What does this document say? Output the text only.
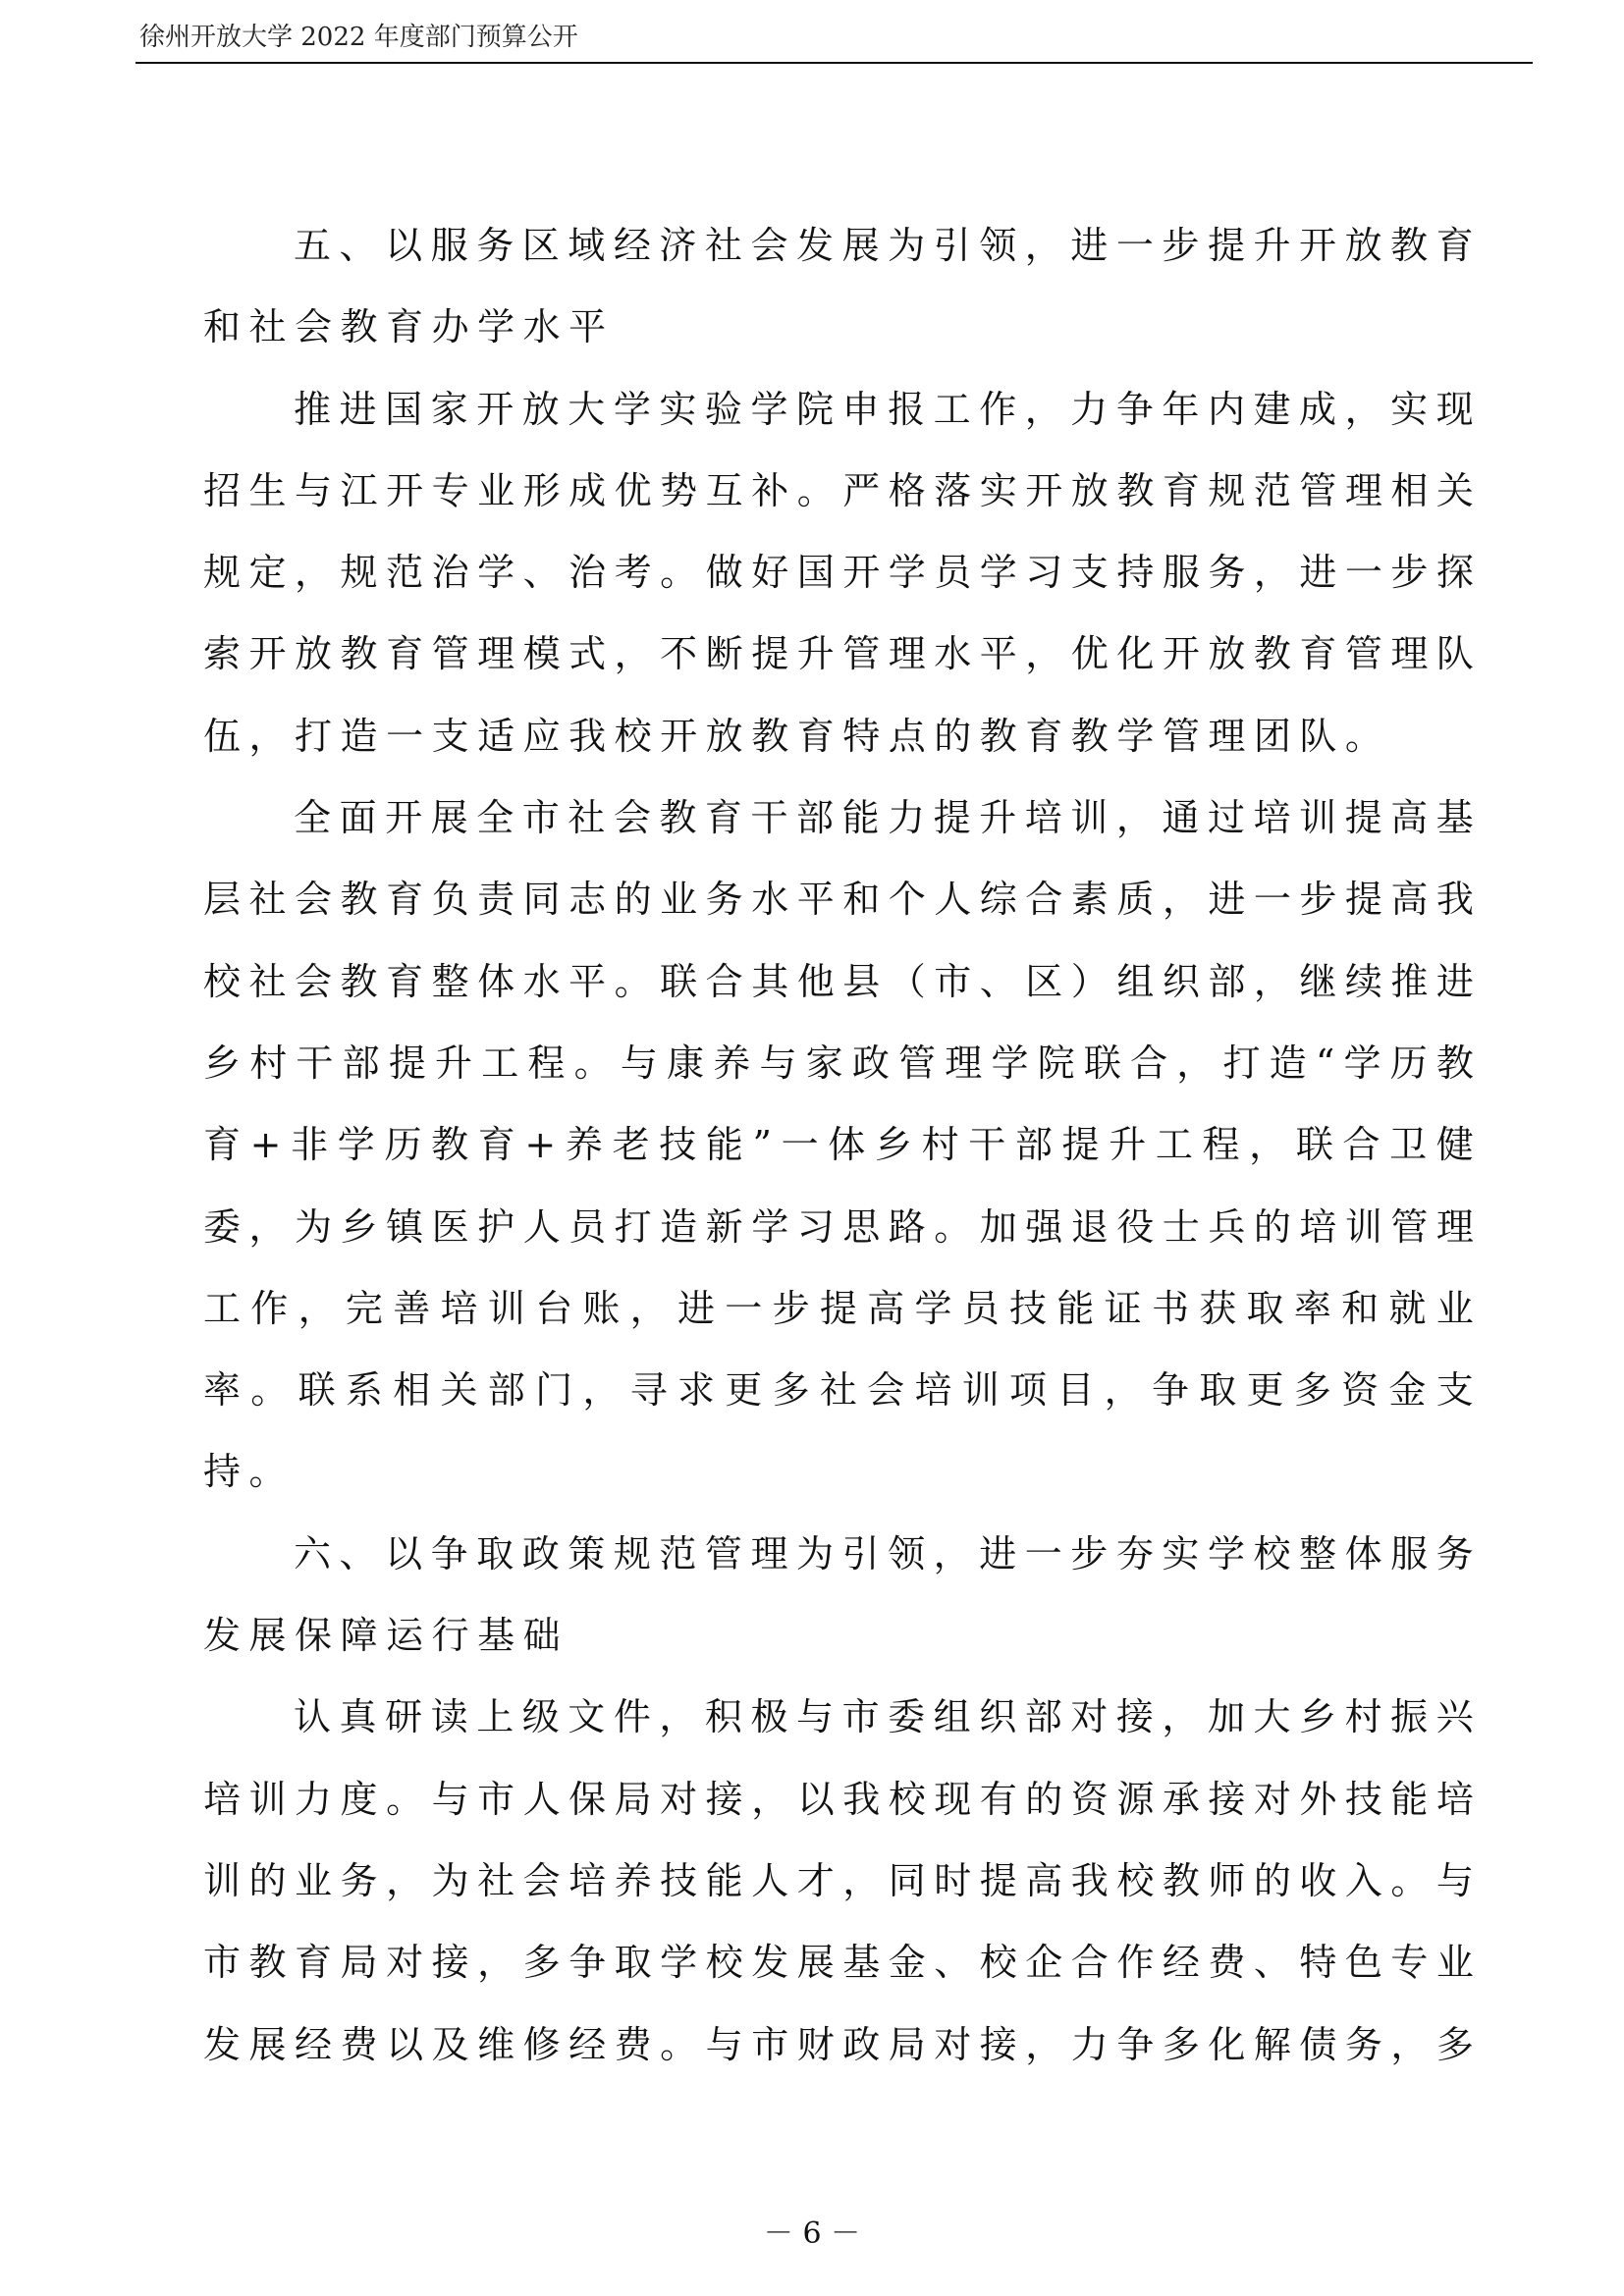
徐州开放大学 2022 年度部门预算公开
五 、 以 服 务 区 域 经 济 社 会 发 展 为 引 领 ， 进 一 步 提 升 开 放 教 育
和 社 会 教 育 办 学 水 平
推 进 国 家 开 放 大 学 实 验 学 院 申 报 工 作 ， 力 争 年 内 建 成 ， 实 现
招 生 与 江 开 专 业 形 成 优 势 互 补 。 严 格 落 实 开 放 教 育 规 范 管 理 相 关
规 定 ， 规 范 治 学 、 治 考 。 做 好 国 开 学 员 学 习 支 持 服 务 ， 进 一 步 探
索 开 放 教 育 管 理 模 式 ， 不 断 提 升 管 理 水 平 ， 优 化 开 放 教 育 管 理 队
伍 ， 打 造 一 支 适 应 我 校 开 放 教 育 特 点 的 教 育 教 学 管 理 团 队 。
全 面 开 展 全 市 社 会 教 育 干 部 能 力 提 升 培 训 ， 通 过 培 训 提 高 基
层 社 会 教 育 负 责 同 志 的 业 务 水 平 和 个 人 综 合 素 质 ， 进 一 步 提 高 我
校 社 会 教 育 整 体 水 平 。 联 合 其 他 县 （ 市 、 区 ） 组 织 部 ， 继 续 推 进
乡 村 干 部 提 升 工 程 。 与 康 养 与 家 政 管 理 学 院 联 合 ， 打 造 “ 学 历 教
育 + 非 学 历 教 育 + 养 老 技 能 ” 一 体 乡 村 干 部 提 升 工 程 ， 联 合 卫 健
委 ， 为 乡 镇 医 护 人 员 打 造 新 学 习 思 路 。 加 强 退 役 士 兵 的 培 训 管 理
工 作 ， 完 善 培 训 台 账 ， 进 一 步 提 高 学 员 技 能 证 书 获 取 率 和 就 业
率 。 联 系 相 关 部 门 ， 寻 求 更 多 社 会 培 训 项 目 ， 争 取 更 多 资 金 支
持 。
六 、 以 争 取 政 策 规 范 管 理 为 引 领 ， 进 一 步 夯 实 学 校 整 体 服 务
发 展 保 障 运 行 基 础
认 真 研 读 上 级 文 件 ， 积 极 与 市 委 组 织 部 对 接 ， 加 大 乡 村 振 兴
培 训 力 度 。 与 市 人 保 局 对 接 ， 以 我 校 现 有 的 资 源 承 接 对 外 技 能 培
训 的 业 务 ， 为 社 会 培 养 技 能 人 才 ， 同 时 提 高 我 校 教 师 的 收 入 。 与
市 教 育 局 对 接 ， 多 争 取 学 校 发 展 基 金 、 校 企 合 作 经 费 、 特 色 专 业
发 展 经 费 以 及 维 修 经 费 。 与 市 财 政 局 对 接 ， 力 争 多 化 解 债 务 ， 多
－ 6 －
